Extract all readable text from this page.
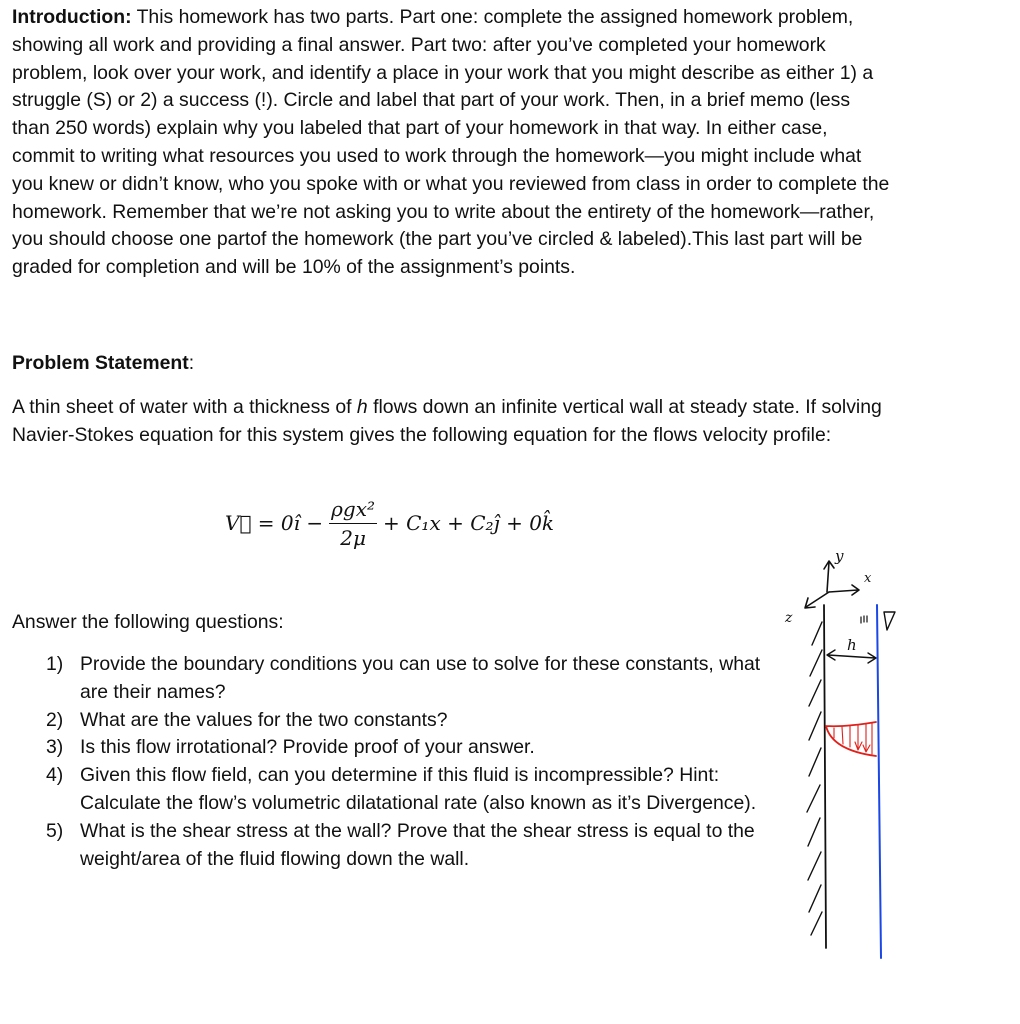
Introduction: This homework has two parts. Part one: complete the assigned homework problem, showing all work and providing a final answer. Part two: after you’ve completed your homework problem, look over your work, and identify a place in your work that you might describe as either 1) a struggle (S) or 2) a success (!). Circle and label that part of your work. Then, in a brief memo (less than 250 words) explain why you labeled that part of your homework in that way. In either case, commit to writing what resources you used to work through the homework—you might include what you knew or didn’t know, who you spoke with or what you reviewed from class in order to complete the homework. Remember that we’re not asking you to write about the entirety of the homework—rather, you should choose one partof the homework (the part you’ve circled & labeled).This last part will be graded for completion and will be 10% of the assignment’s points.

Problem Statement:

A thin sheet of water with a thickness of h flows down an infinite vertical wall at steady state. If solving Navier-Stokes equation for this system gives the following equation for the flows velocity profile:

V⃗ = 0î − $\frac{\text{ρgx²}}{2\mu} + C_1x$ + C₂ĵ + 0k̂

Answer the following questions:

1) Provide the boundary conditions you can use to solve for these constants, what are their names?
2) What are the values for the two constants?
3) Is this flow irrotational? Provide proof of your answer.
4) Given this flow field, can you determine if this fluid is incompressible? Hint: Calculate the flow’s volumetric dilatational rate (also known as it’s Divergence).
5) What is the shear stress at the wall? Prove that the shear stress is equal to the weight/area of the fluid flowing down the wall.
y
x
z
h
